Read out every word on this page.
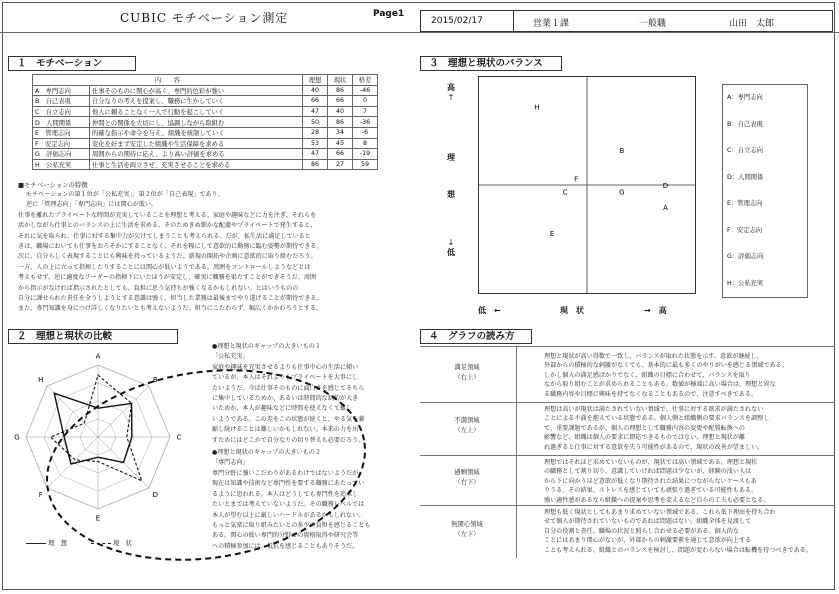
CUBIC モチベーション測定	Page1
2015/02/17	営業１課	一般職	山田　太郎
１　モチベーション
２　理想と現状の比較
３　理想と現状のバランス
４　グラフの読み方
内　　容		理想	現状	格差
A　専門志向	仕事そのものに関心が高く、専門的色彩が強い	40	86	-46
B　自己表現	自分なりの考えを提案し、職務に生かしていく	66	66	0
C　自立志向	他人に頼ることなく一人で行動を起こしていく	47	40	7
D　人間関係	仲間との関係を大切にし、協調しながら取組む	50	86	-36
E　管理志向	的確な指示や命令を与え、組織を統制していく	28	34	-6
F　安定志向	変化を好まず安定した組織や生活保障を求める	53	45	8
G　評価志向	周囲からの期待に応え、より高い評価を求める	47	66	-19
H　公私充実	仕事と生活を両立させ、充実させることを求める	86	27	59
■モチベーションの特徴
モチベーションの第１位が「公私充実」、第２位が「自己表現」であり、
逆に「管理志向」「専門志向」には関心が低い。
仕事を離れたプライベートな時間が充実していることを理想と考える。家庭や趣味などに力を注ぎ、それらを
活かしながら仕事とのバランスの上に生活を求める。そのためきめ細かな配慮やプライベートで発生すると、
それに気を取られ、仕事に対する集中力が欠けてしまうことも考えられる。だが、私生活に満足していると
きは、職場においても仕事をおろそかにすることなく、それを糧にして意欲的に勤務に臨む姿勢が期待できる。
次に、自分らしく表現することにも興味を持っているようだ。新規の開拓や企画に意欲的に取り組むだろう。
一方、人の上に立って指揮したりすることには関心が低いようである。周囲をコントロールしようなどとは
考えもせず、逆に適度なリーダーの指揮下にいたほうが安定し、確実に職務を果たすことができそうだ。周囲
から指示がなければ指示されたとしても、負担に思う気持ちが強くなるかもしれない。とはいうものの
自分に課せられた責任を全うしようとする意識は強く、担当した業務は最後までやり遂げることが期待できる。
また、専門知識を身につけ詳しくなりたいとも考えないようだ。担当にこだわらず、幅広くかかわろうとする。
A
B
C
D
E
F
G
H
理　想	現　状
●理想と現状のギャップの大きいもの１
「公私充実」
家庭や趣味を充実させるよりも仕事中心の生活に傾い
ているが、本人はそれよりもプライベートを大事にし
たいようだ。今は仕事そのものに面白さを感じてそちら
に集中しているためか、あるいは時間的な制約が大き
いためか、本人が趣味などに時間を使えなくて難し
いようである。この差をこの状態が続くと、やる気を萎
縮し続けることは難しいかもしれない。本来の力を出
すためにはどこかで自分なりの切り替えも必要だろう。
●理想と現状のギャップの大きいもの２
「専門志向」
専門分野に強いこだわりがあるわけではないようだが、
現在は知識や技術など専門性を要する職務にあたってい
るように思われる。本人はどうしても専門性を追求し
たいとまでは考えていないようだ。その職務レベルでは
本人が望む以上に厳しいハードルがあるかもしれない。
もっと気楽に取り組みたいとの多少の負担を感じることも
ある。関心の低い専門的分野での資格取得や研究会等
への積極参加には、抵抗を感じることもありそうだ。
高
↑
理
想
↓
低
A
B
C
D
E
F
G
H
低　←	現　状	→　高
A：専門志向
B：自己表現
C：自立志向
D：人間関係
E：管理志向
F：安定志向
G：評価志向
H：公私充実
満足領域
（右上）
理想と現状が高い得数で一致し、バランスが取れた状態を示す。意欲が継続し、
外部からの積極的な刺激がなくても、基本的に最も多くのやりがいを感じる領域である。
しかし個人の満足感ばかりでなく、組織の目標に合わせて、バランスを取り
ながら取り組むことが求められることもある。数値が極端に高い場合は、理想と異な
る職務内容や目標に興味を持てなくなることもあるので、注意すべきである。
不満領域
（左上）
理想は高いが現状は満たされていない領域で、仕事に対する欲求が満たされない
ことによる不満を抱えている状態である。個人側と組織側の要求バランスを調整し
て、重要課題であるが、個人の理想として職務内容の変更や配置転換への
影響など、組織は個人の要求に即応できるものではない。理想と現状が離
れ過ぎると仕事に対する意欲を失う可能性があるので、現状の改善が望ましい。
過剰領域
（右下）
理想ではそれほど求めていないものが、現状では高い領域である。理想と現状
の職務として割り切り、意識していければ問題は少ないが、経験の浅い人は
から下に向かうほど意欲が低くなり期待された結果につながらないケースもあ
りうる。その結果、ストレスを感じていても頑張り過ぎている可能性もある。
強い適性感があるなら組織への提案や思考を変えるなど自らの工夫も必要となる。
無関心領域
（左下）
理想も低く現状としてもあまり求めていない領域である。これら低下理由を持ち合わ
せて個人が期待されていないものであれば問題はない。組織全体を見渡して
自分の役割と責任、職場の状況と照らし合わせる必要がある。個人的な
ことにはあまり関心がないが、外部からの刺激要素を通じて意欲が向上する
ことも考えられる。組織とのバランスを検討し、問題が変わらない場合は転機を待つべきである。
